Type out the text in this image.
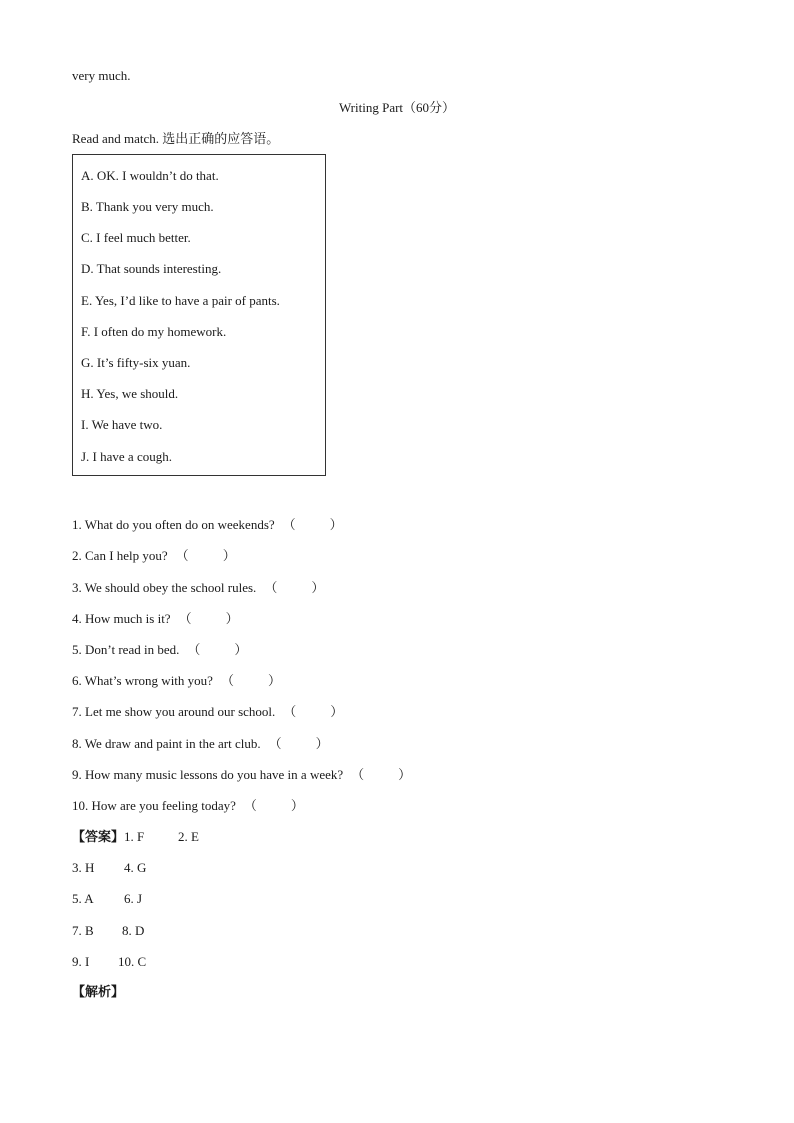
very much.
Writing Part（60分）
Read and match. 选出正确的应答语。
A. OK. I wouldn’t do that.
B. Thank you very much.
C. I feel much better.
D. That sounds interesting.
E. Yes, I’d like to have a pair of pants.
F. I often do my homework.
G. It’s fifty-six yuan.
H. Yes, we should.
I. We have two.
J. I have a cough.
1. What do you often do on weekends? （	）
2. Can I help you? （	）
3. We should obey the school rules. （	）
4. How much is it? （	）
5. Don’t read in bed. （	）
6. What’s wrong with you? （	）
7. Let me show you around our school. （	）
8. We draw and paint in the art club. （	）
9. How many music lessons do you have in a week? （	）
10. How are you feeling today? （	）
【答案】1. F	2. E
3. H 4. G
5. A 6. J
7. B 8. D
9. I 10. C
【解析】
